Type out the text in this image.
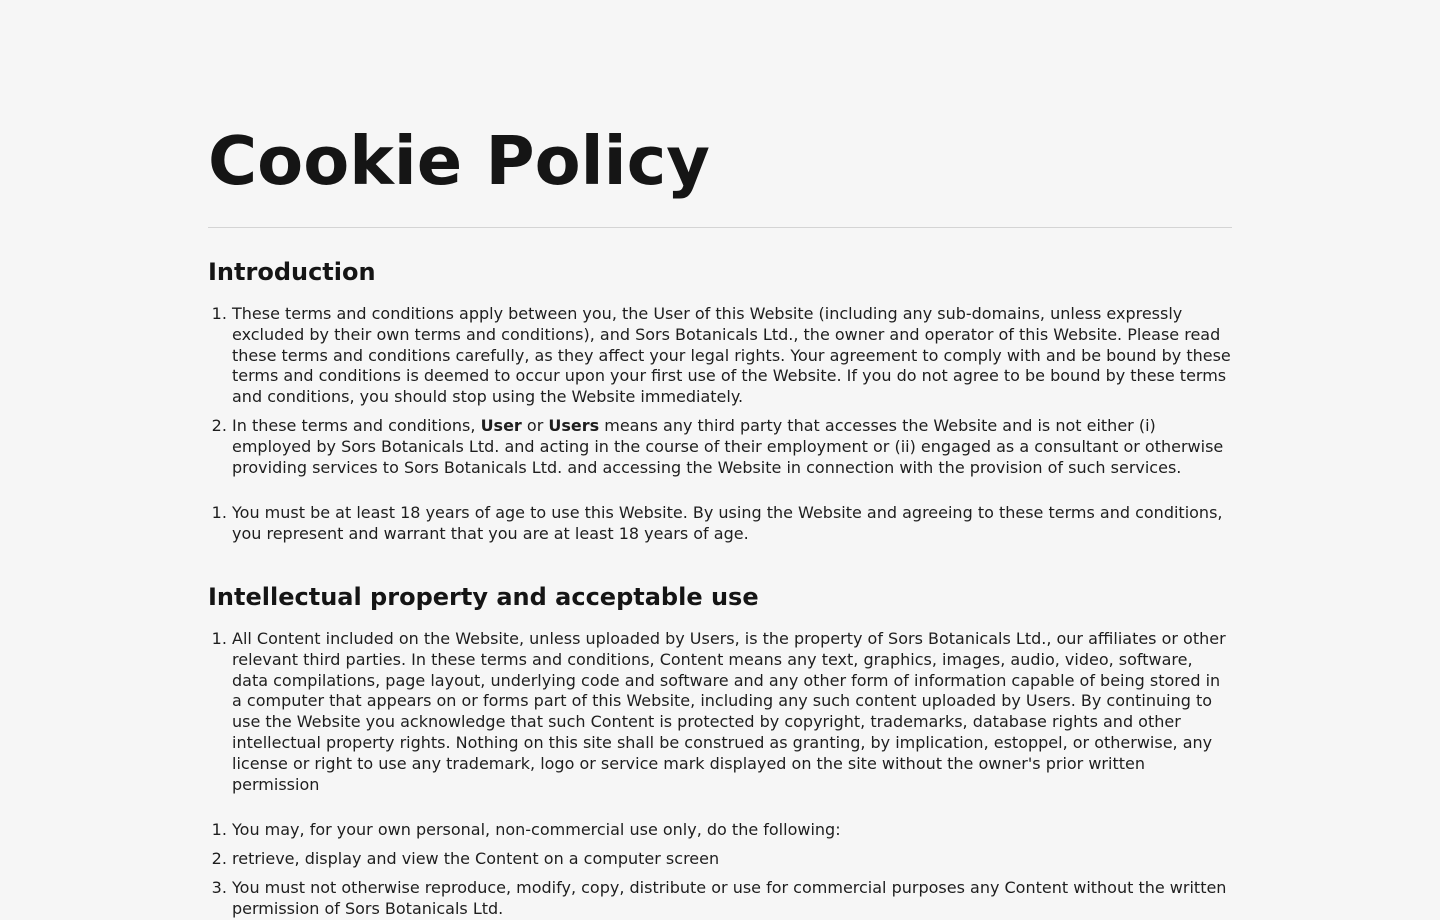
Cookie Policy
Introduction
1. These terms and conditions apply between you, the User of this Website (including any sub-domains, unless expressly excluded by their own terms and conditions), and Sors Botanicals Ltd., the owner and operator of this Website. Please read these terms and conditions carefully, as they affect your legal rights. Your agreement to comply with and be bound by these terms and conditions is deemed to occur upon your first use of the Website. If you do not agree to be bound by these terms and conditions, you should stop using the Website immediately.
2. In these terms and conditions, User or Users means any third party that accesses the Website and is not either (i) employed by Sors Botanicals Ltd. and acting in the course of their employment or (ii) engaged as a consultant or otherwise providing services to Sors Botanicals Ltd. and accessing the Website in connection with the provision of such services.
1. You must be at least 18 years of age to use this Website. By using the Website and agreeing to these terms and conditions, you represent and warrant that you are at least 18 years of age.
Intellectual property and acceptable use
1. All Content included on the Website, unless uploaded by Users, is the property of Sors Botanicals Ltd., our affiliates or other relevant third parties. In these terms and conditions, Content means any text, graphics, images, audio, video, software, data compilations, page layout, underlying code and software and any other form of information capable of being stored in a computer that appears on or forms part of this Website, including any such content uploaded by Users. By continuing to use the Website you acknowledge that such Content is protected by copyright, trademarks, database rights and other intellectual property rights. Nothing on this site shall be construed as granting, by implication, estoppel, or otherwise, any license or right to use any trademark, logo or service mark displayed on the site without the owner's prior written permission
1. You may, for your own personal, non-commercial use only, do the following:
2. retrieve, display and view the Content on a computer screen
3. You must not otherwise reproduce, modify, copy, distribute or use for commercial purposes any Content without the written permission of Sors Botanicals Ltd.
